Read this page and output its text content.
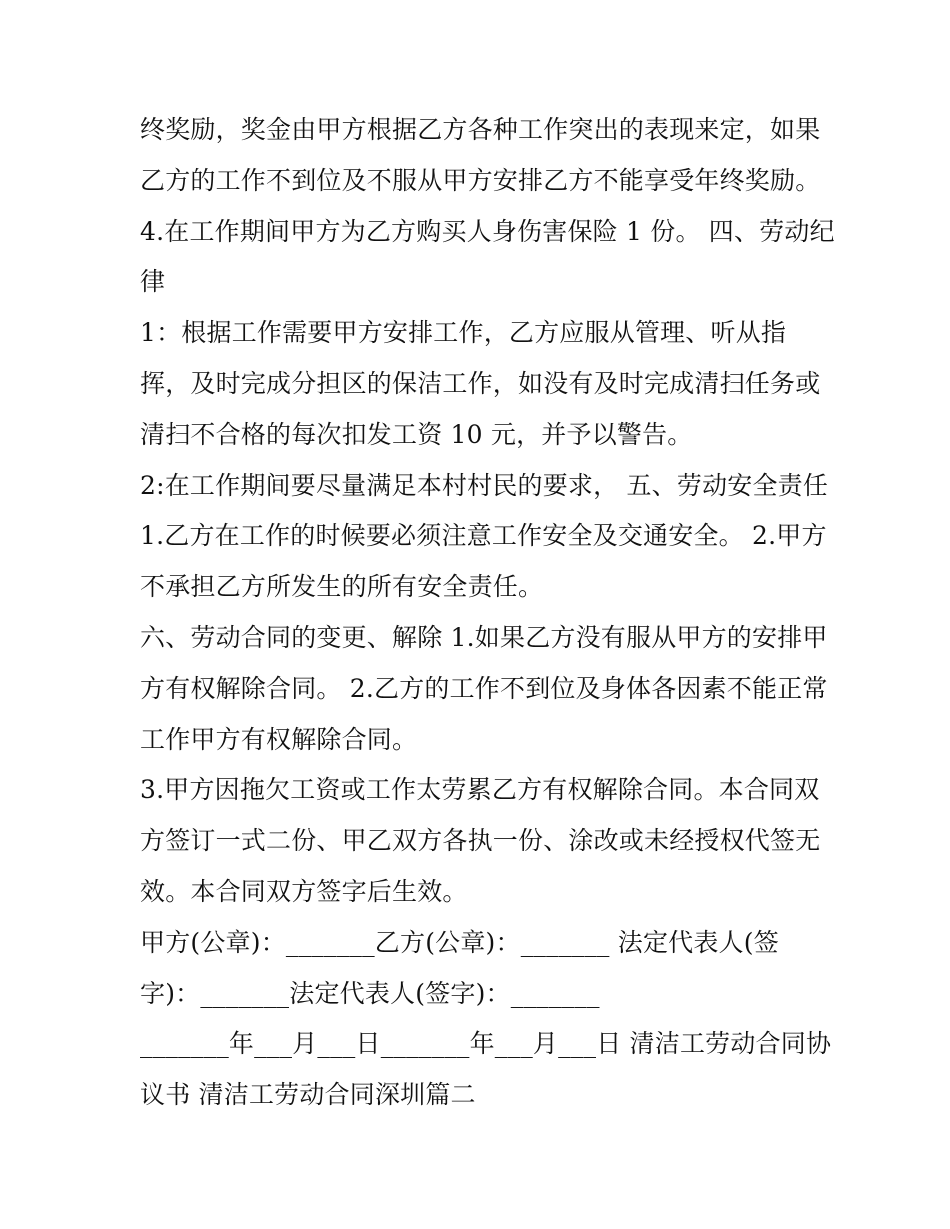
终奖励，奖金由甲方根据乙方各种工作突出的表现来定，如果
乙方的工作不到位及不服从甲方安排乙方不能享受年终奖励。
4.在工作期间甲方为乙方购买人身伤害保险 1 份。 四、劳动纪
律
1：根据工作需要甲方安排工作，乙方应服从管理、听从指
挥，及时完成分担区的保洁工作，如没有及时完成清扫任务或
清扫不合格的每次扣发工资 10 元，并予以警告。
2:在工作期间要尽量满足本村村民的要求， 五、劳动安全责任
1.乙方在工作的时候要必须注意工作安全及交通安全。 2.甲方
不承担乙方所发生的所有安全责任。
六、劳动合同的变更、解除 1.如果乙方没有服从甲方的安排甲
方有权解除合同。 2.乙方的工作不到位及身体各因素不能正常
工作甲方有权解除合同。
3.甲方因拖欠工资或工作太劳累乙方有权解除合同。本合同双
方签订一式二份、甲乙双方各执一份、涂改或未经授权代签无
效。本合同双方签字后生效。
甲方(公章)：_______乙方(公章)：_______ 法定代表人(签
字)：_______法定代表人(签字)：_______
_______年___月___日_______年___月___日 清洁工劳动合同协
议书 清洁工劳动合同深圳篇二
